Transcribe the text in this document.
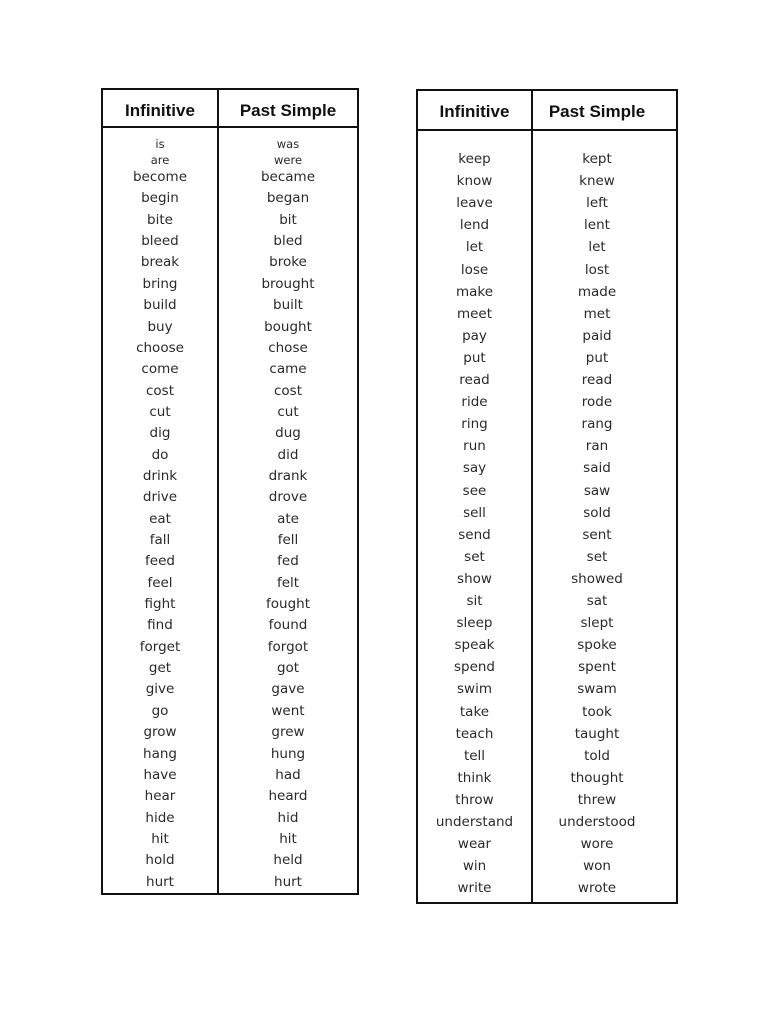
Infinitive	Past Simple
is	was
are	were
become	became
begin	began
bite	bit
bleed	bled
break	broke
bring	brought
build	built
buy	bought
choose	chose
come	came
cost	cost
cut	cut
dig	dug
do	did
drink	drank
drive	drove
eat	ate
fall	fell
feed	fed
feel	felt
fight	fought
find	found
forget	forgot
get	got
give	gave
go	went
grow	grew
hang	hung
have	had
hear	heard
hide	hid
hit	hit
hold	held
hurt	hurt
Infinitive	Past Simple
keep	kept
know	knew
leave	left
lend	lent
let	let
lose	lost
make	made
meet	met
pay	paid
put	put
read	read
ride	rode
ring	rang
run	ran
say	said
see	saw
sell	sold
send	sent
set	set
show	showed
sit	sat
sleep	slept
speak	spoke
spend	spent
swim	swam
take	took
teach	taught
tell	told
think	thought
throw	threw
understand	understood
wear	wore
win	won
write	wrote
